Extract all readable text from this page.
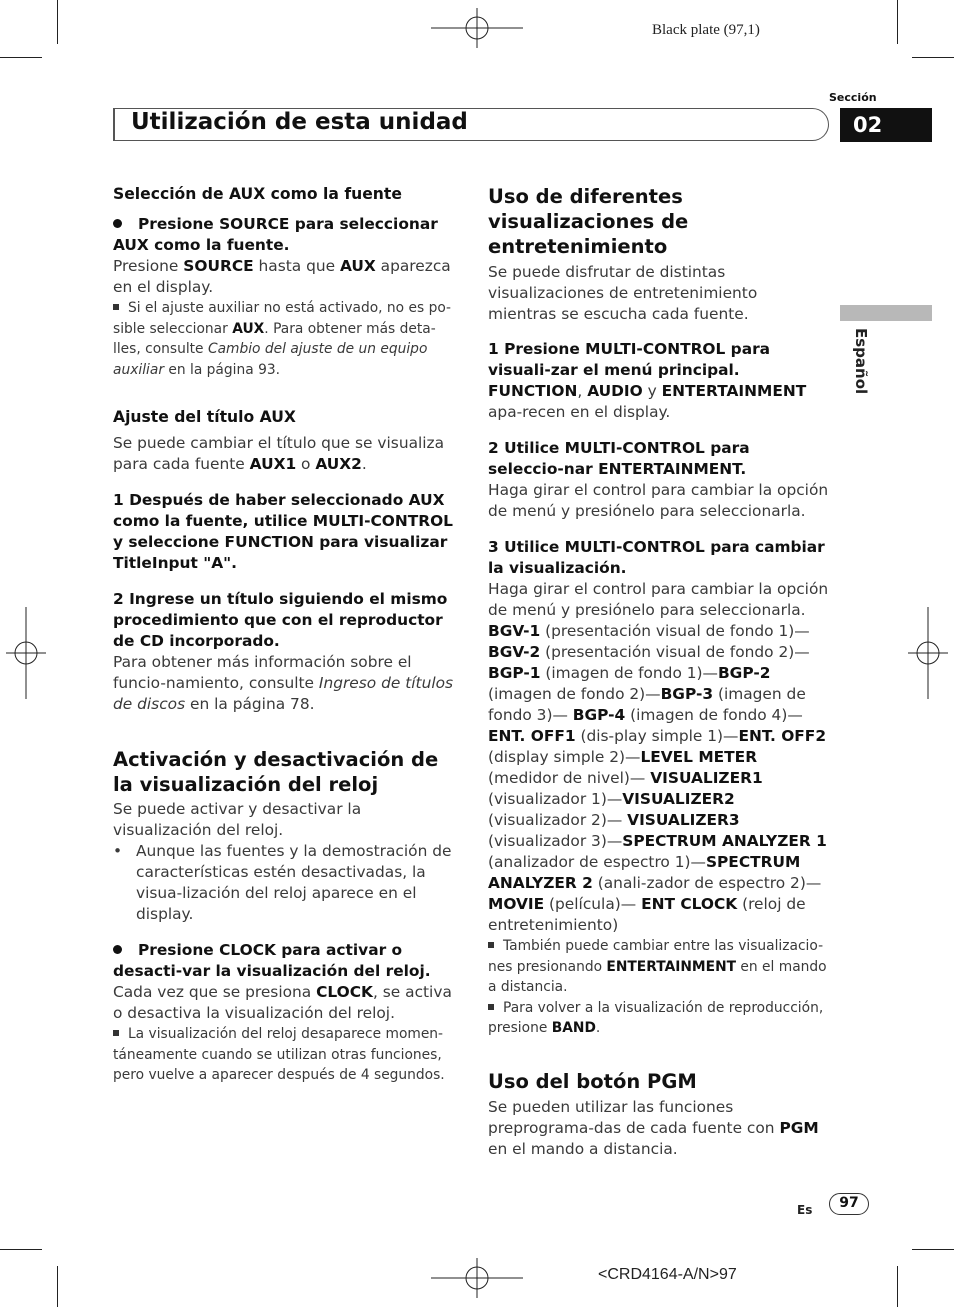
Black plate (97,1)
Sección
Utilización de esta unidad	02
Español

Selección de AUX como la fuente

Presione SOURCE para seleccionar AUX como la fuente.

Presione SOURCE hasta que AUX aparezca en el display.

Si el ajuste auxiliar no está activado, no es po-sible seleccionar AUX. Para obtener más deta-lles, consulte Cambio del ajuste de un equipo auxiliar en la página 93.

Ajuste del título AUX

Se puede cambiar el título que se visualiza para cada fuente AUX1 o AUX2.

1 Después de haber seleccionado AUX como la fuente, utilice MULTI-CONTROL y seleccione FUNCTION para visualizar TitleInput "A".

2 Ingrese un título siguiendo el mismo procedimiento que con el reproductor de CD incorporado.

Para obtener más información sobre el funcio-namiento, consulte Ingreso de títulos de discos en la página 78.

Activación y desactivación de la visualización del reloj

Se puede activar y desactivar la visualización del reloj.

• Aunque las fuentes y la demostración de características estén desactivadas, la visua-lización del reloj aparece en el display.

Presione CLOCK para activar o desacti-var la visualización del reloj.

Cada vez que se presiona CLOCK, se activa o desactiva la visualización del reloj.

La visualización del reloj desaparece momen-táneamente cuando se utilizan otras funciones, pero vuelve a aparecer después de 4 segundos.

Uso de diferentes visualizaciones de entretenimiento

Se puede disfrutar de distintas visualizaciones de entretenimiento mientras se escucha cada fuente.

1 Presione MULTI-CONTROL para visuali-zar el menú principal.

FUNCTION, AUDIO y ENTERTAINMENT apa-recen en el display.

2 Utilice MULTI-CONTROL para seleccio-nar ENTERTAINMENT.

Haga girar el control para cambiar la opción de menú y presiónelo para seleccionarla.

3 Utilice MULTI-CONTROL para cambiar la visualización.

Haga girar el control para cambiar la opción de menú y presiónelo para seleccionarla.

BGV-1 (presentación visual de fondo 1)— BGV-2 (presentación visual de fondo 2)— BGP-1 (imagen de fondo 1)—BGP-2 (imagen de fondo 2)—BGP-3 (imagen de fondo 3)— BGP-4 (imagen de fondo 4)—ENT. OFF1 (dis-play simple 1)—ENT. OFF2 (display simple 2)—LEVEL METER (medidor de nivel)— VISUALIZER1 (visualizador 1)—VISUALIZER2 (visualizador 2)— VISUALIZER3 (visualizador 3)—SPECTRUM ANALYZER 1 (analizador de espectro 1)—SPECTRUM ANALYZER 2 (anali-zador de espectro 2)—MOVIE (película)— ENT CLOCK (reloj de entretenimiento)

También puede cambiar entre las visualizacio-nes presionando ENTERTAINMENT en el mando a distancia.

Para volver a la visualización de reproducción, presione BAND.

Uso del botón PGM

Se pueden utilizar las funciones preprograma-das de cada fuente con PGM en el mando a distancia.

Es	97
<CRD4164-A/N>97
